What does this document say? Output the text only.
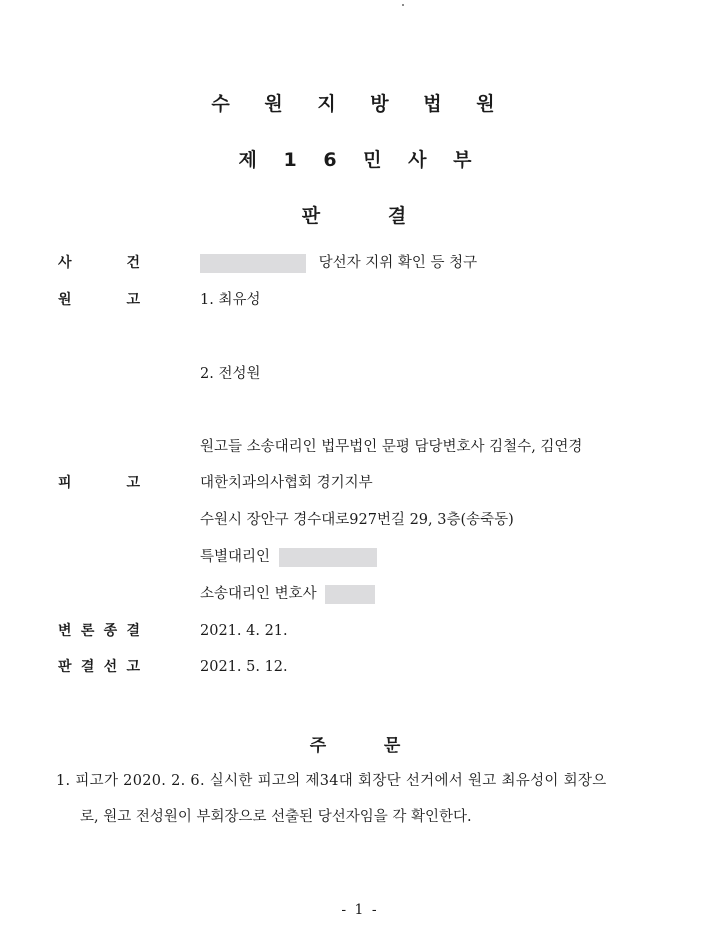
수 원 지 방 법 원
제 1 6 민 사 부
판   결
사	건	당선자 지위 확인 등 청구
원	고	1. 최유성
2. 전성원
원고들 소송대리인 법무법인 문평 담당변호사 김철수, 김연경
피	고	대한치과의사협회 경기지부
수원시 장안구 경수대로927번길 29, 3층(송죽동)
특별대리인
소송대리인 변호사
변 론 종 결	2021. 4. 21.
판 결 선 고	2021. 5. 12.
주   문
1. 피고가 2020. 2. 6. 실시한 피고의 제34대 회장단 선거에서 원고 최유성이 회장으
로, 원고 전성원이 부회장으로 선출된 당선자임을 각 확인한다.
- 1 -
